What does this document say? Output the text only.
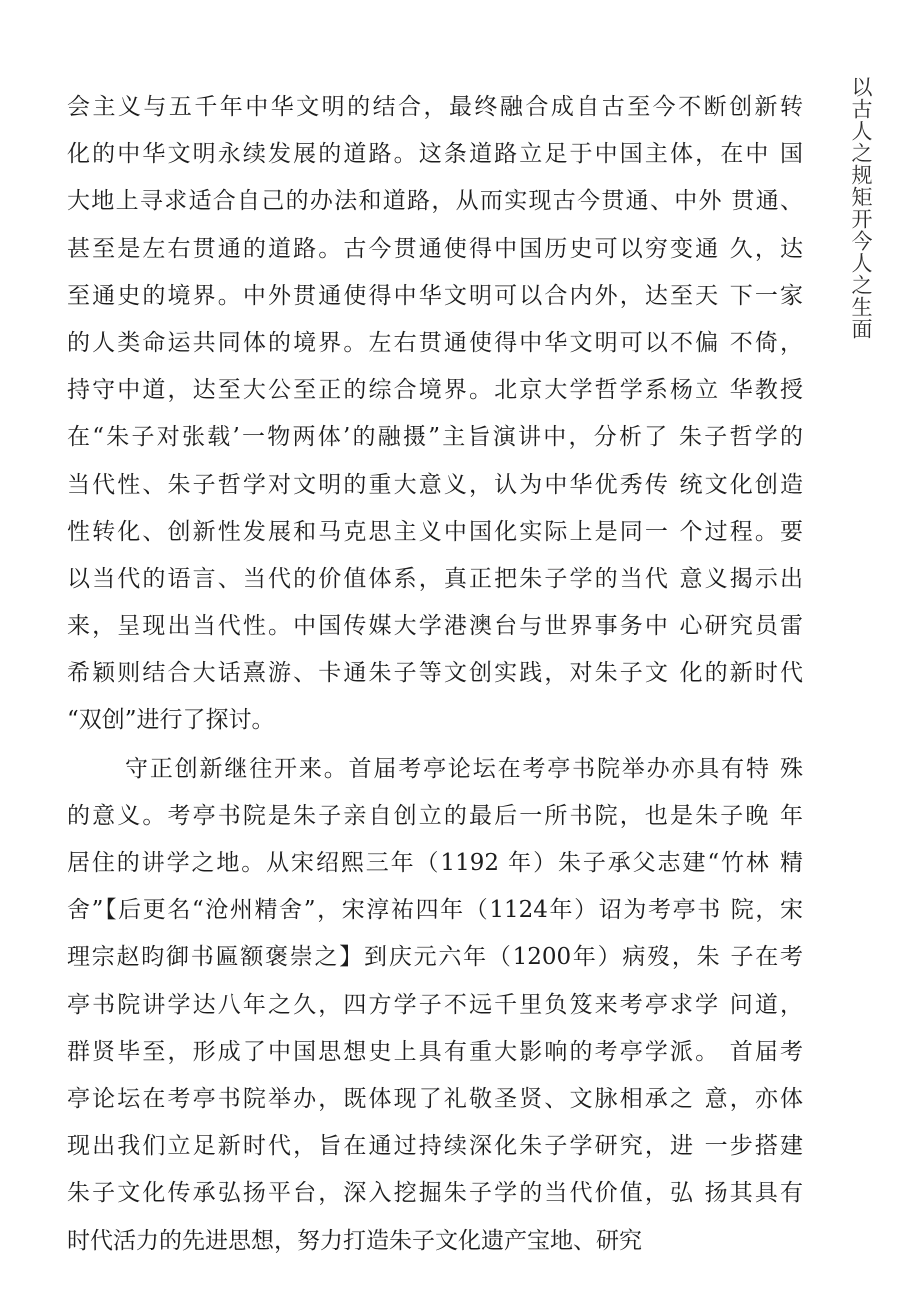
以古人之规矩开今人之生面
会主义与五千年中华文明的结合，最终融合成自古至今不断创新转
化的中华文明永续发展的道路。这条道路立足于中国主体，在中 国
大地上寻求适合自己的办法和道路，从而实现古今贯通、中外 贯通、
甚至是左右贯通的道路。古今贯通使得中国历史可以穷变通 久，达
至通史的境界。中外贯通使得中华文明可以合内外，达至天 下一家
的人类命运共同体的境界。左右贯通使得中华文明可以不偏 不倚，
持守中道，达至大公至正的综合境界。北京大学哲学系杨立 华教授
在“朱子对张载’一物两体’的融摄”主旨演讲中，分析了 朱子哲学的
当代性、朱子哲学对文明的重大意义，认为中华优秀传 统文化创造
性转化、创新性发展和马克思主义中国化实际上是同一 个过程。要
以当代的语言、当代的价值体系，真正把朱子学的当代 意义揭示出
来，呈现出当代性。中国传媒大学港澳台与世界事务中 心研究员雷
希颖则结合大话熹游、卡通朱子等文创实践，对朱子文 化的新时代
“双创”进行了探讨。
守正创新继往开来。首届考亭论坛在考亭书院举办亦具有特 殊
的意义。考亭书院是朱子亲自创立的最后一所书院，也是朱子晚 年
居住的讲学之地。从宋绍熙三年（1192 年）朱子承父志建“竹林 精
舍”【后更名“沧州精舍”，宋淳祐四年（1124年）诏为考亭书 院，宋
理宗赵昀御书匾额褒崇之】到庆元六年（1200年）病歿，朱 子在考
亭书院讲学达八年之久，四方学子不远千里负笈来考亭求学 问道，
群贤毕至，形成了中国思想史上具有重大影响的考亭学派。 首届考
亭论坛在考亭书院举办，既体现了礼敬圣贤、文脉相承之 意，亦体
现出我们立足新时代，旨在通过持续深化朱子学研究，进 一步搭建
朱子文化传承弘扬平台，深入挖掘朱子学的当代价值，弘 扬其具有
时代活力的先进思想，努力打造朱子文化遗产宝地、研究
